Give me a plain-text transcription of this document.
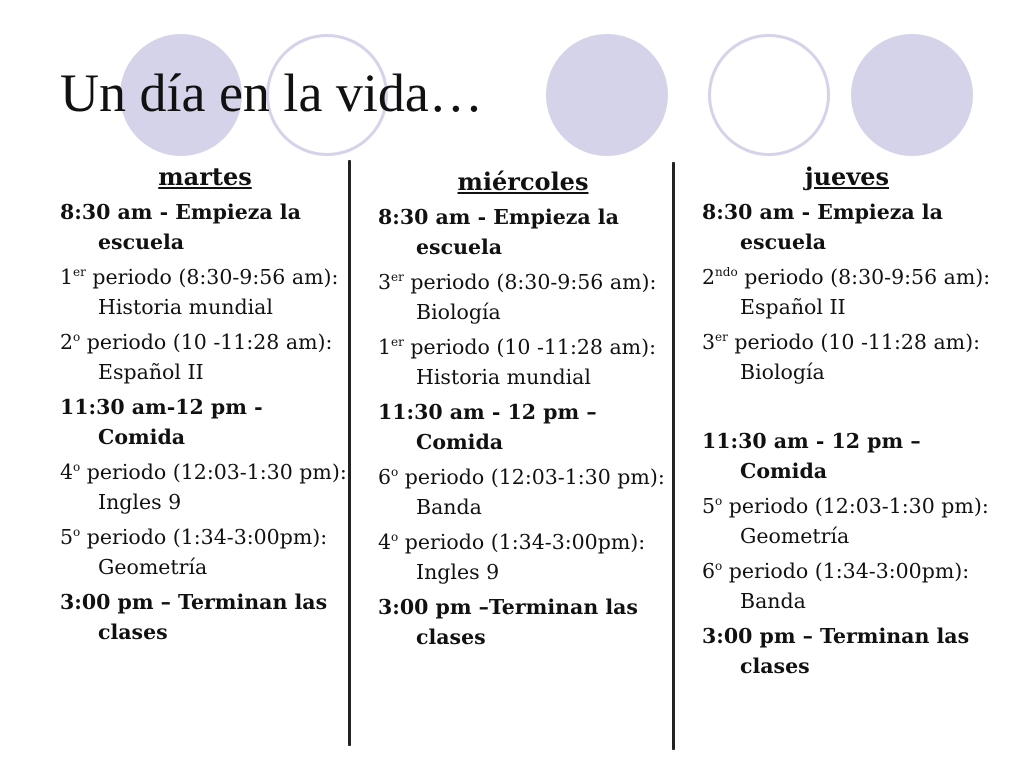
Un día en la vida…
martes
8:30 am - Empieza la escuela
1er periodo (8:30-9:56 am): Historia mundial
2$^o$ periodo (10 -11:28 am): Español II
11:30 am-12 pm - Comida
4$^o$ periodo (12:03-1:30 pm): Ingles 9
5$^o$ periodo (1:34-3:00pm): Geometría
3:00 pm – Terminan las clases
miércoles
8:30 am - Empieza la escuela
3er periodo (8:30-9:56 am): Biología
1er periodo (10 -11:28 am): Historia mundial
11:30 am - 12 pm – Comida
6$^o$ periodo (12:03-1:30 pm): Banda
4$^o$ periodo (1:34-3:00pm): Ingles 9
3:00 pm –Terminan las clases
jueves
8:30 am - Empieza la escuela
$2^{ndo}$ periodo (8:30-9:56 am): Español II
3er periodo (10 -11:28 am): Biología
11:30 am - 12 pm – Comida
5$^o$ periodo (12:03-1:30 pm): Geometría
6$^o$ periodo (1:34-3:00pm): Banda
3:00 pm – Terminan las clases
